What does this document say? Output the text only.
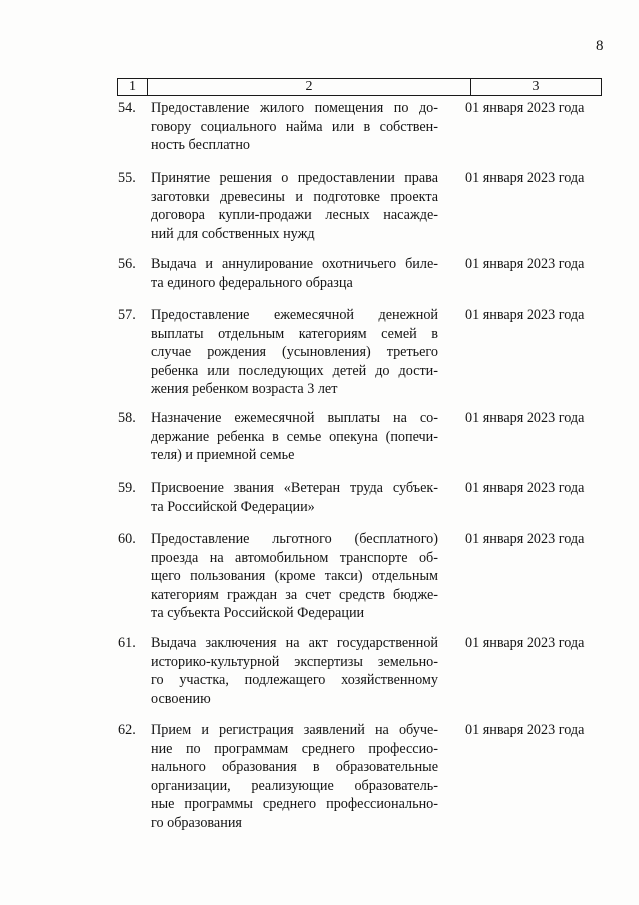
8
1	2	3
54.	Предоставление жилого помещения по до-
говору социального найма или в собствен-
ность бесплатно
01 января 2023 года
55.	Принятие решения о предоставлении права
заготовки древесины и подготовке проекта
договора купли-продажи лесных насажде-
ний для собственных нужд
01 января 2023 года
56.	Выдача и аннулирование охотничьего биле-
та единого федерального образца
01 января 2023 года
57.	Предоставление ежемесячной денежной
выплаты отдельным категориям семей в
случае рождения (усыновления) третьего
ребенка или последующих детей до дости-
жения ребенком возраста 3 лет
01 января 2023 года
58.	Назначение ежемесячной выплаты на со-
держание ребенка в семье опекуна (попечи-
теля) и приемной семье
01 января 2023 года
59.	Присвоение звания «Ветеран труда субъек-
та Российской Федерации»
01 января 2023 года
60.	Предоставление льготного (бесплатного)
проезда на автомобильном транспорте об-
щего пользования (кроме такси) отдельным
категориям граждан за счет средств бюдже-
та субъекта Российской Федерации
01 января 2023 года
61.	Выдача заключения на акт государственной
историко-культурной экспертизы земельно-
го участка, подлежащего хозяйственному
освоению
01 января 2023 года
62.	Прием и регистрация заявлений на обуче-
ние по программам среднего профессио-
нального образования в образовательные
организации, реализующие образователь-
ные программы среднего профессионально-
го образования
01 января 2023 года
